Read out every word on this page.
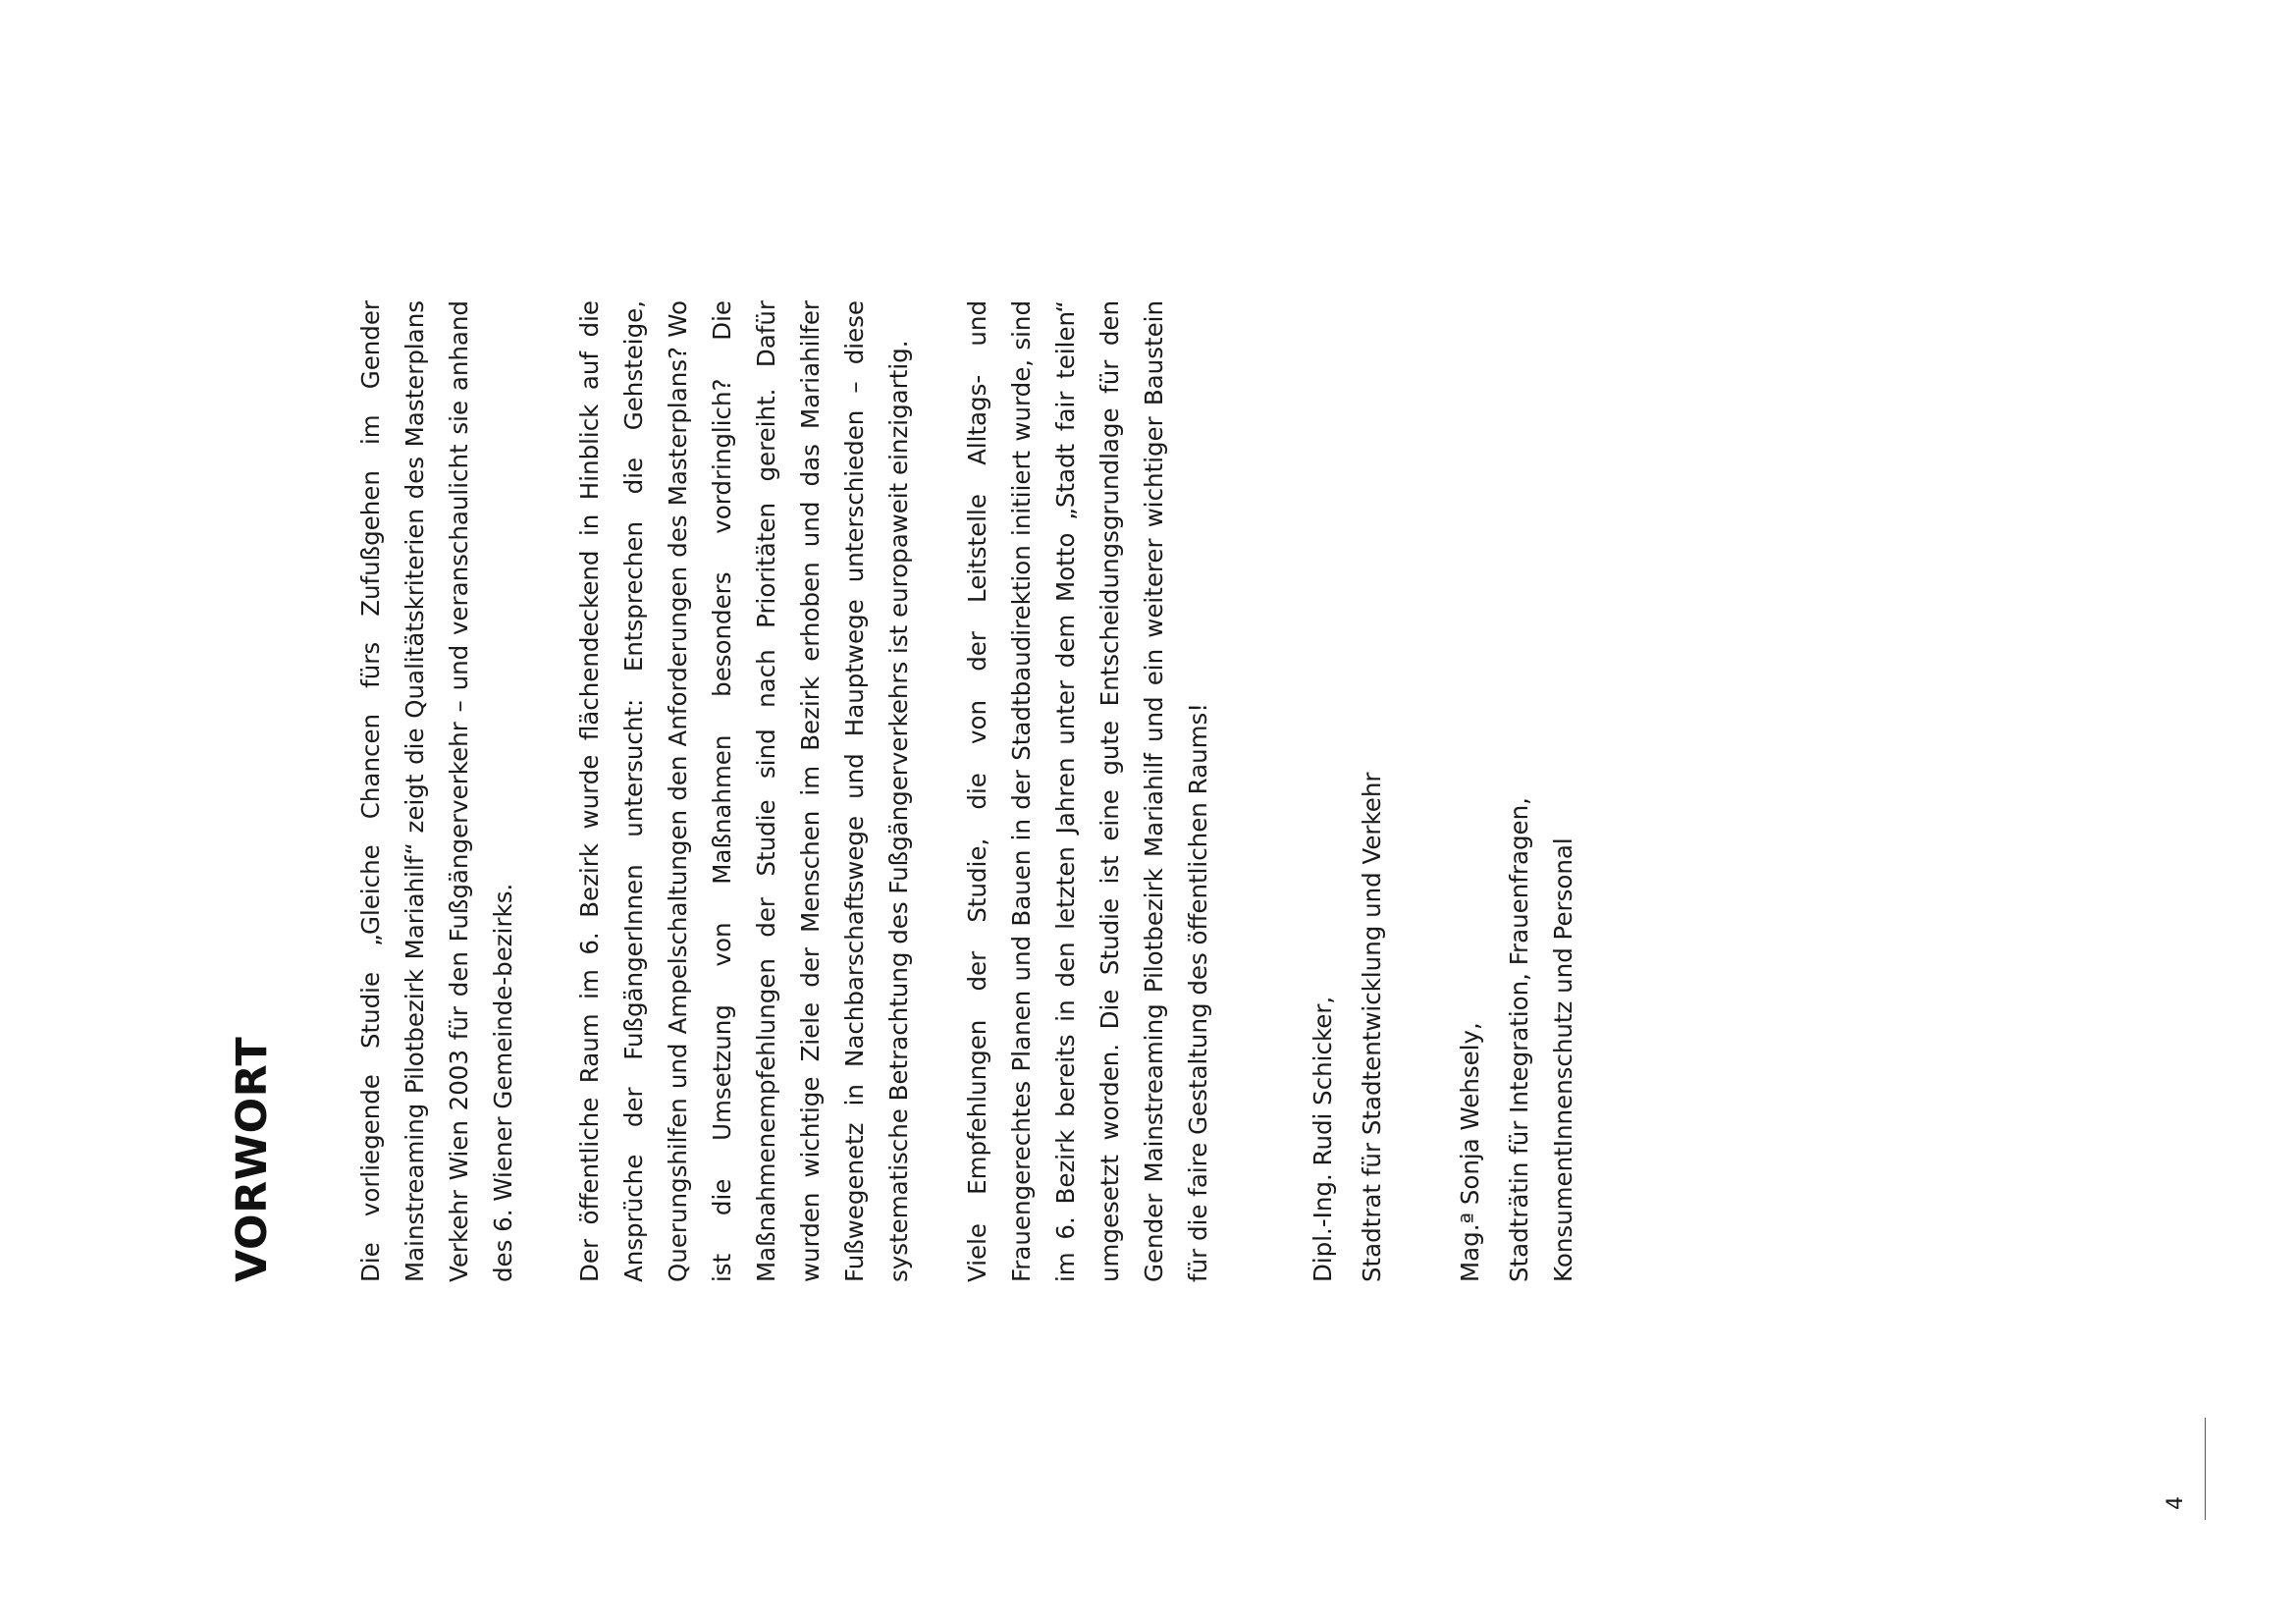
VORWORT	Die vorliegende Studie „Gleiche Chancen fürs Zufußgehen im Gender Mainstreaming Pilotbezirk Mariahilf“ zeigt die Qualitätskriterien des Masterplans Verkehr Wien 2003 für den Fußgängerverkehr – und veranschaulicht sie anhand des 6. Wiener Gemeinde-bezirks.	Der öffentliche Raum im 6. Bezirk wurde flächendeckend in Hinblick auf die Ansprüche der FußgängerInnen untersucht: Entsprechen die Gehsteige, Querungshilfen und Ampelschaltungen den Anforderungen des Masterplans? Wo ist die Umsetzung von Maßnahmen besonders vordringlich? Die Maßnahmenempfehlungen der Studie sind nach Prioritäten gereiht. Dafür wurden wichtige Ziele der Menschen im Bezirk erhoben und das Mariahilfer Fußwegenetz in Nachbarschaftswege und Hauptwege unterschieden – diese systematische Betrachtung des Fußgängerverkehrs ist europaweit einzigartig.	Viele Empfehlungen der Studie, die von der Leitstelle Alltags- und Frauengerechtes Planen und Bauen in der Stadtbaudirektion initiiert wurde, sind im 6. Bezirk bereits in den letzten Jahren unter dem Motto „Stadt fair teilen“ umgesetzt worden. Die Studie ist eine gute Entscheidungsgrundlage für den Gender Mainstreaming Pilotbezirk Mariahilf und ein weiterer wichtiger Baustein für die faire Gestaltung des öffentlichen Raums!	Dipl.-Ing. Rudi Schicker, Stadtrat für Stadtentwicklung und Verkehr	Mag.ª Sonja Wehsely, Stadträtin für Integration, Frauenfragen, KonsumentInnenschutz und Personal

4
